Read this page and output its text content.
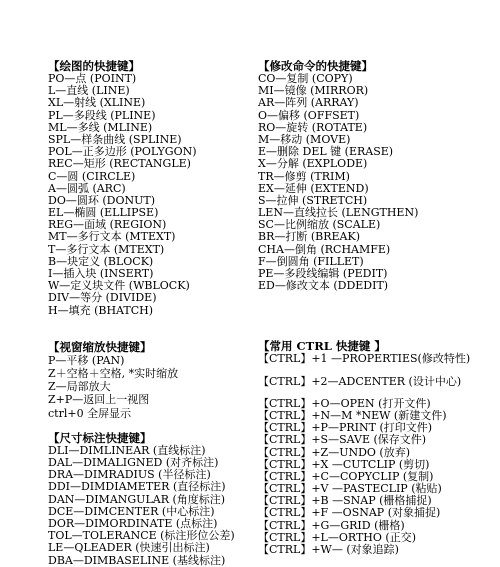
【绘图的快捷键】
PO—点 (POINT)
L—直线 (LINE)
XL—射线 (XLINE)
PL—多段线 (PLINE)
ML—多线 (MLINE)
SPL—样条曲线 (SPLINE)
POL—正多边形 (POLYGON)
REC—矩形 (RECTANGLE)
C—圆 (CIRCLE)
A—圆弧 (ARC)
DO—圆环 (DONUT)
EL—椭圆 (ELLIPSE)
REG—面域 (REGION)
MT—多行文本 (MTEXT)
T—多行文本 (MTEXT)
B—块定义 (BLOCK)
I—插入块 (INSERT)
W—定义块文件 (WBLOCK)
DIV—等分 (DIVIDE)
H—填充 (BHATCH)
【视窗缩放快捷键】
P—平移 (PAN)
Z＋空格＋空格, *实时缩放
Z—局部放大
Z+P—返回上一视图
ctrl+0 全屏显示
【尺寸标注快捷键】
DLI—DIMLINEAR (直线标注)
DAL—DIMALIGNED (对齐标注)
DRA—DIMRADIUS (半径标注)
DDI—DIMDIAMETER (直径标注)
DAN—DIMANGULAR (角度标注)
DCE—DIMCENTER (中心标注)
DOR—DIMORDINATE (点标注)
TOL—TOLERANCE (标注形位公差)
LE—QLEADER (快速引出标注)
DBA—DIMBASELINE (基线标注)
【修改命令的快捷键】
CO—复制 (COPY)
MI—镜像 (MIRROR)
AR—阵列 (ARRAY)
O—偏移 (OFFSET)
RO—旋转 (ROTATE)
M—移动 (MOVE)
E—删除 DEL 键 (ERASE)
X—分解 (EXPLODE)
TR—修剪 (TRIM)
EX—延伸 (EXTEND)
S—拉伸 (STRETCH)
LEN—直线拉长 (LENGTHEN)
SC—比例缩放 (SCALE)
BR—打断 (BREAK)
CHA—倒角 (RCHAMFE)
F—倒圆角 (FILLET)
PE—多段线编辑 (PEDIT)
ED—修改文本 (DDEDIT)
【常用 CTRL 快捷键 】
【CTRL】+1 —PROPERTIES(修改特性)
【CTRL】+2—ADCENTER (设计中心)
【CTRL】+O—OPEN (打开文件)
【CTRL】+N—M *NEW (新建文件)
【CTRL】+P—PRINT (打印文件)
【CTRL】+S—SAVE (保存文件)
【CTRL】+Z—UNDO (放弃)
【CTRL】+X —CUTCLIP (剪切)
【CTRL】+C—COPYCLIP (复制)
【CTRL】+V —PASTECLIP (粘贴)
【CTRL】+B —SNAP (栅格捕捉)
【CTRL】+F —OSNAP (对象捕捉)
【CTRL】+G—GRID (栅格)
【CTRL】+L—ORTHO (正交)
【CTRL】+W— (对象追踪)
